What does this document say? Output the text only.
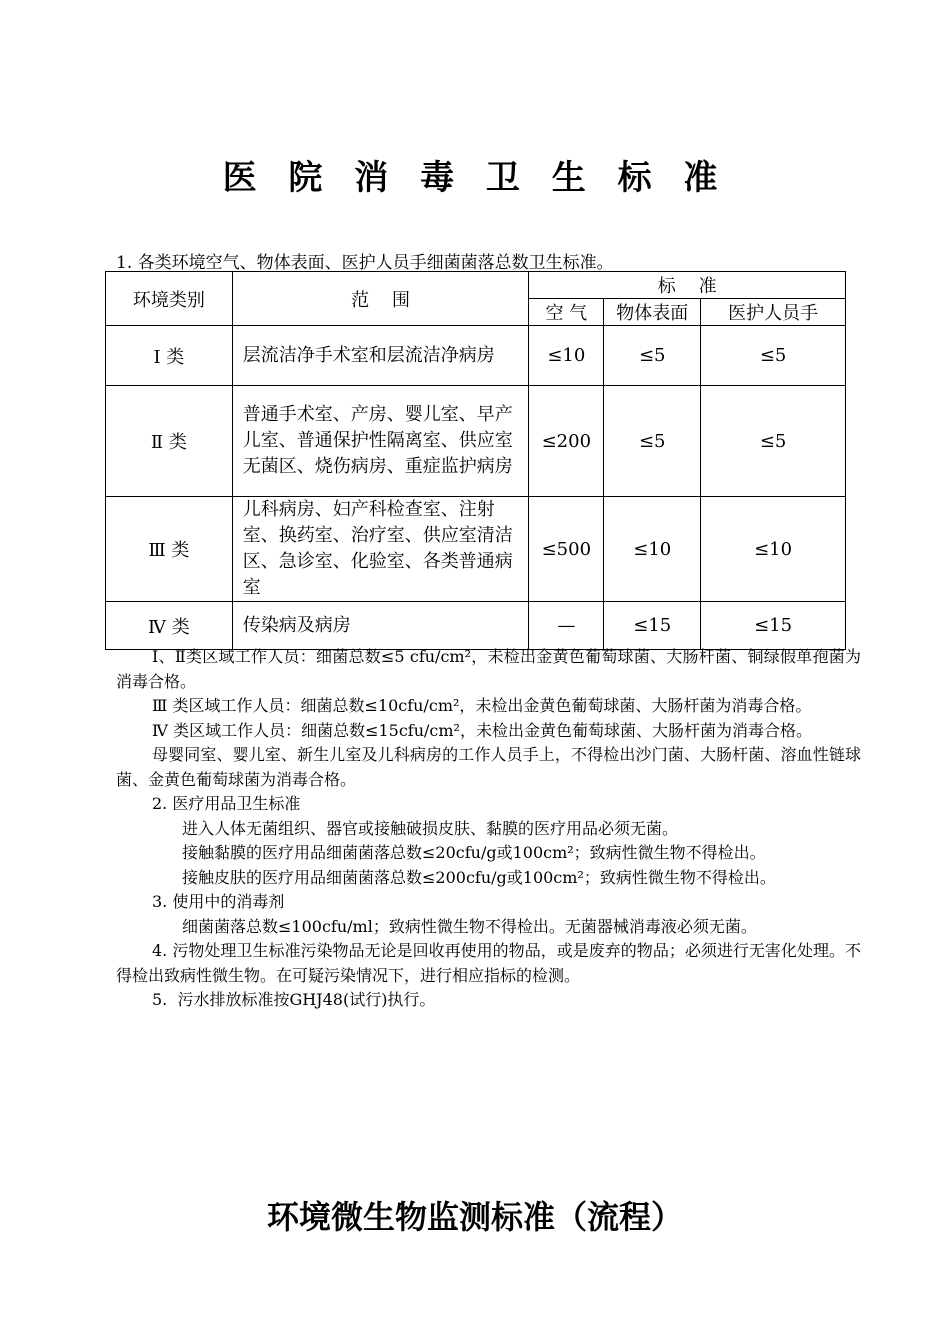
医 院 消 毒 卫 生 标 准
1. 各类环境空气、物体表面、医护人员手细菌菌落总数卫生标准。
环境类别	范    围	标    准		
		空 气	物体表面	医护人员手
Ⅰ 类	层流洁净手术室和层流洁净病房	≤10	≤5	≤5
Ⅱ 类	普通手术室、产房、婴儿室、早产儿室、普通保护性隔离室、供应室无菌区、烧伤病房、重症监护病房	≤200	≤5	≤5
Ⅲ 类	儿科病房、妇产科检查室、注射室、换药室、治疗室、供应室清洁区、急诊室、化验室、各类普通病室	≤500	≤10	≤10
Ⅳ 类	传染病及病房	—	≤15	≤15

Ⅰ、Ⅱ类区域工作人员：细菌总数≤5 cfu/cm²，未检出金黄色葡萄球菌、大肠杆菌、铜绿假单孢菌为消毒合格。

Ⅲ 类区域工作人员：细菌总数≤10cfu/cm²，未检出金黄色葡萄球菌、大肠杆菌为消毒合格。

Ⅳ 类区域工作人员：细菌总数≤15cfu/cm²，未检出金黄色葡萄球菌、大肠杆菌为消毒合格。

母婴同室、婴儿室、新生儿室及儿科病房的工作人员手上，不得检出沙门菌、大肠杆菌、溶血性链球菌、金黄色葡萄球菌为消毒合格。

2. 医疗用品卫生标准

进入人体无菌组织、器官或接触破损皮肤、黏膜的医疗用品必须无菌。

接触黏膜的医疗用品细菌菌落总数≤20cfu/g或100cm²；致病性微生物不得检出。

接触皮肤的医疗用品细菌菌落总数≤200cfu/g或100cm²；致病性微生物不得检出。

3. 使用中的消毒剂

细菌菌落总数≤100cfu/ml；致病性微生物不得检出。无菌器械消毒液必须无菌。

4. 污物处理卫生标准污染物品无论是回收再使用的物品，或是废弃的物品；必须进行无害化处理。不得检出致病性微生物。在可疑污染情况下，进行相应指标的检测。

5.  污水排放标准按GHJ48(试行)执行。

环境微生物监测标准（流程）
